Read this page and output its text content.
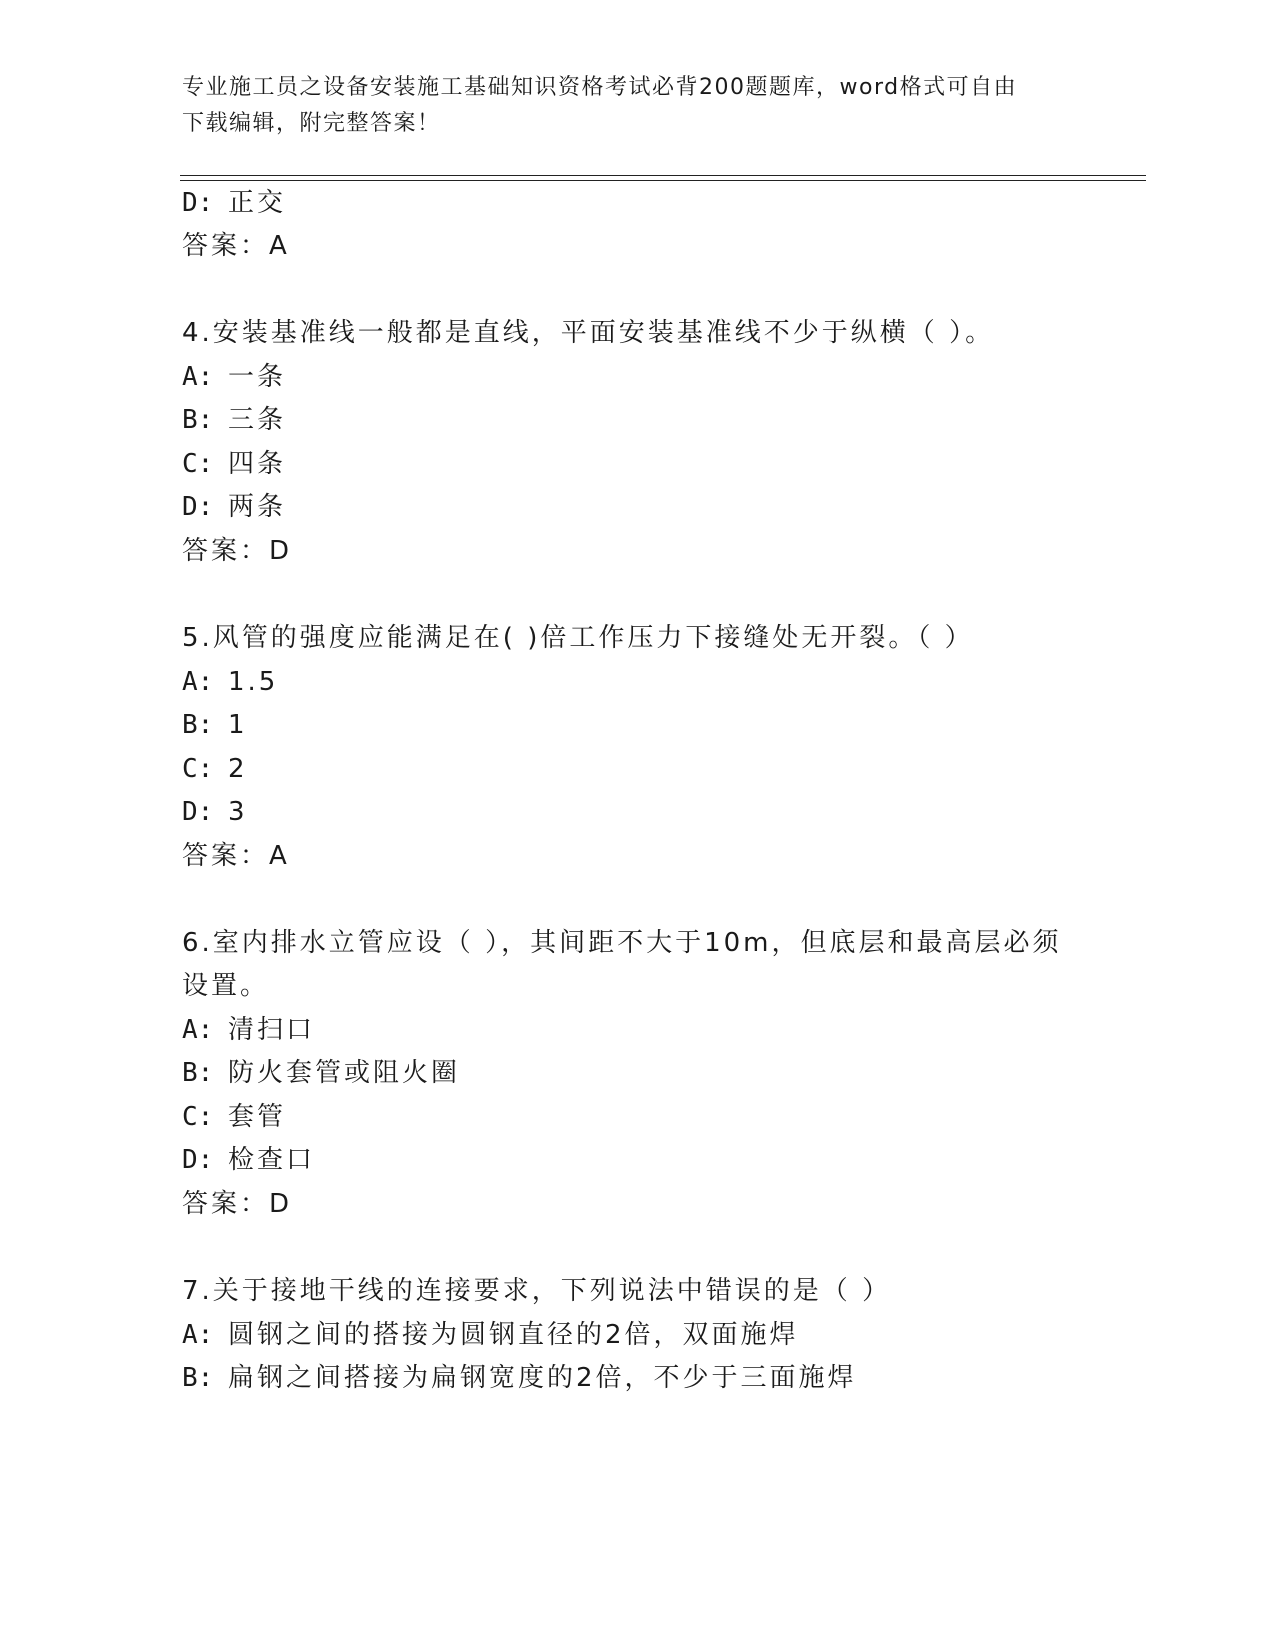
专业施工员之设备安装施工基础知识资格考试必背200题题库，word格式可自由
下载编辑，附完整答案！
D: 正交
答案：A
4.安装基准线一般都是直线，平面安装基准线不少于纵横（ ）。
A: 一条
B: 三条
C: 四条
D: 两条
答案：D
5.风管的强度应能满足在( )倍工作压力下接缝处无开裂。（ ）
A: 1.5
B: 1
C: 2
D: 3
答案：A
6.室内排水立管应设（ ），其间距不大于10m，但底层和最高层必须
设置。
A: 清扫口
B: 防火套管或阻火圈
C: 套管
D: 检查口
答案：D
7.关于接地干线的连接要求，下列说法中错误的是（ ）
A: 圆钢之间的搭接为圆钢直径的2倍，双面施焊
B: 扁钢之间搭接为扁钢宽度的2倍，不少于三面施焊
